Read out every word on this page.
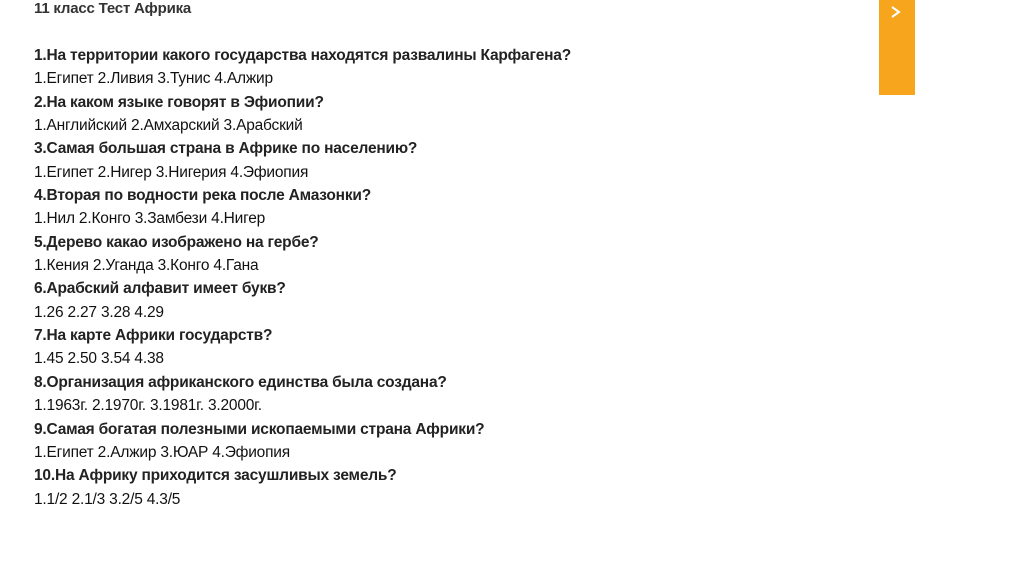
11 класс Тест Африка
1.На территории какого государства находятся развалины Карфагена?
1.Египет 2.Ливия 3.Тунис 4.Алжир
2.На каком языке говорят в Эфиопии?
1.Английский 2.Амхарский 3.Арабский
3.Самая большая страна в Африке по населению?
1.Египет 2.Нигер 3.Нигерия 4.Эфиопия
4.Вторая по водности река после Амазонки?
1.Нил 2.Конго 3.Замбези 4.Нигер
5.Дерево какао изображено на гербе?
1.Кения 2.Уганда 3.Конго 4.Гана
6.Арабский алфавит имеет букв?
1.26 2.27 3.28 4.29
7.На карте Африки государств?
1.45 2.50 3.54 4.38
8.Организация африканского единства была создана?
1.1963г. 2.1970г. 3.1981г. 3.2000г.
9.Самая богатая полезными ископаемыми страна Африки?
1.Египет 2.Алжир 3.ЮАР 4.Эфиопия
10.На Африку приходится засушливых земель?
1.1/2 2.1/3 3.2/5 4.3/5
